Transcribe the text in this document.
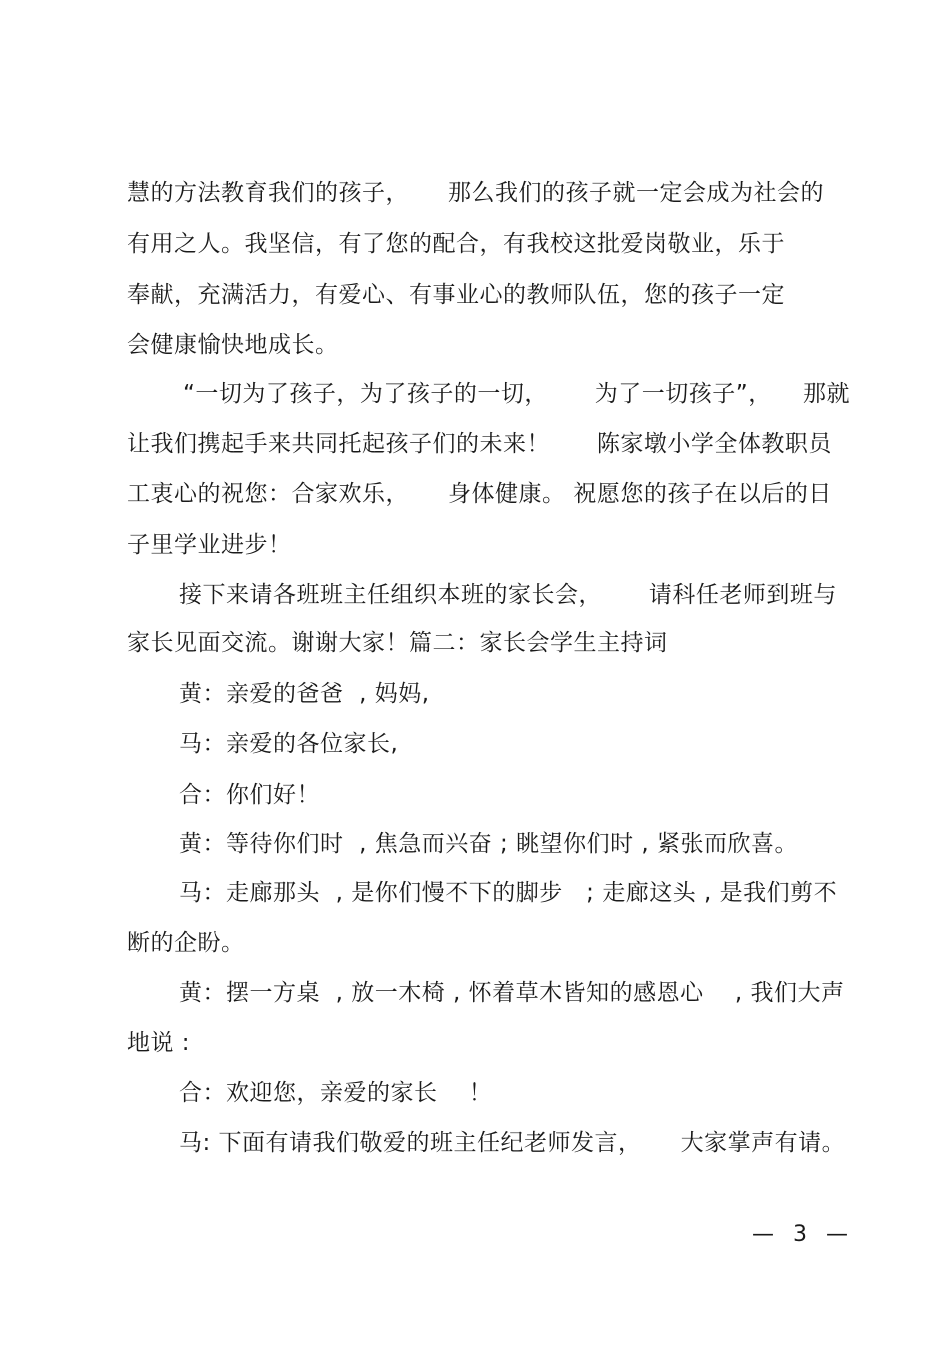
慧的方法教育我们的孩子，     那么我们的孩子就一定会成为社会的
有用之人。我坚信，有了您的配合，有我校这批爱岗敬业，乐于
奉献，充满活力，有爱心、有事业心的教师队伍，您的孩子一定
会健康愉快地成长。
“一切为了孩子，为了孩子的一切，      为了一切孩子”，    那就
让我们携起手来共同托起孩子们的未来！      陈家墩小学全体教职员
工衷心的祝您：合家欢乐，     身体健康。 祝愿您的孩子在以后的日
子里学业进步！
接下来请各班班主任组织本班的家长会，      请科任老师到班与
家长见面交流。谢谢大家！篇二：家长会学生主持词
黄：亲爱的爸爸  , 妈妈,
马：亲爱的各位家长,
合：你们好！
黄：等待你们时  , 焦急而兴奋 ; 眺望你们时 , 紧张而欣喜。
马：走廊那头  , 是你们慢不下的脚步   ; 走廊这头 , 是我们剪不
断的企盼。
黄：摆一方桌  , 放一木椅 , 怀着草木皆知的感恩心    , 我们大声
地说 :
合：欢迎您，亲爱的家长    ！
马: 下面有请我们敬爱的班主任纪老师发言，     大家掌声有请。
— 3 —
